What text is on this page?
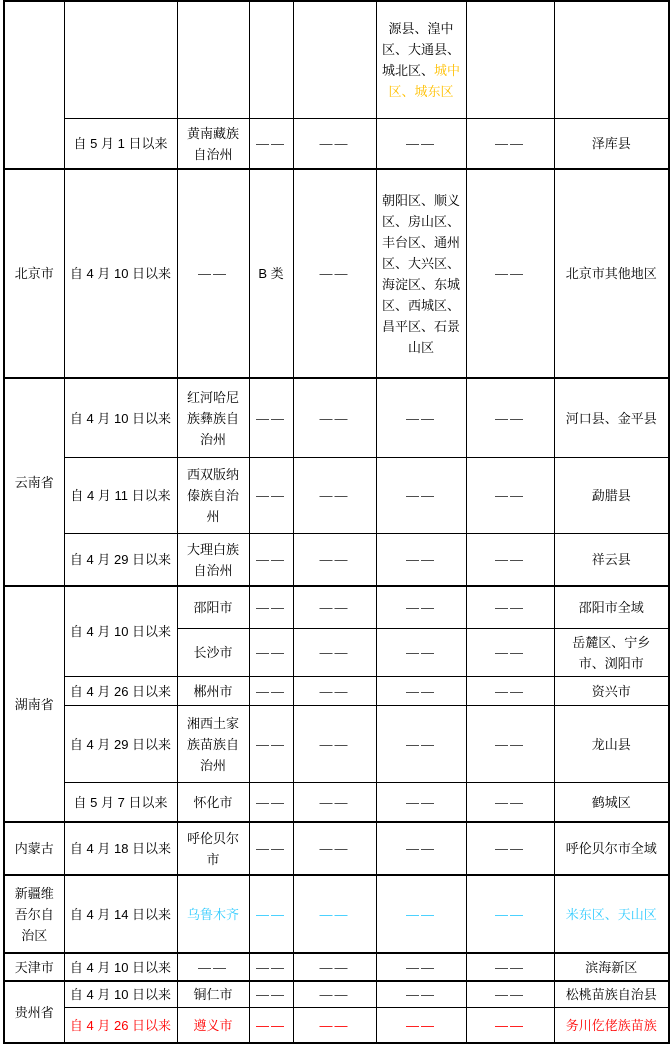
					源县、湟中区、大通县、城北区、城中区、城东区		
	自 5 月 1 日以来	黄南藏族自治州	——	——	——	——	泽库县
北京市	自 4 月 10 日以来	——	B 类	——	朝阳区、顺义区、房山区、丰台区、通州区、大兴区、海淀区、东城区、西城区、昌平区、石景山区	——	北京市其他地区
云南省	自 4 月 10 日以来	红河哈尼族彝族自治州	——	——	——	——	河口县、金平县
	自 4 月 11 日以来	西双版纳傣族自治州	——	——	——	——	勐腊县
	自 4 月 29 日以来	大理白族自治州	——	——	——	——	祥云县
湖南省	自 4 月 10 日以来	邵阳市	——	——	——	——	邵阳市全域
		长沙市	——	——	——	——	岳麓区、宁乡市、浏阳市
	自 4 月 26 日以来	郴州市	——	——	——	——	资兴市
	自 4 月 29 日以来	湘西土家族苗族自治州	——	——	——	——	龙山县
	自 5 月 7 日以来	怀化市	——	——	——	——	鹤城区
内蒙古	自 4 月 18 日以来	呼伦贝尔市	——	——	——	——	呼伦贝尔市全域
新疆维吾尔自治区	自 4 月 14 日以来	乌鲁木齐	——	——	——	——	米东区、天山区
天津市	自 4 月 10 日以来	——	——	——	——	——	滨海新区
贵州省	自 4 月 10 日以来	铜仁市	——	——	——	——	松桃苗族自治县
	自 4 月 26 日以来	遵义市	——	——	——	——	务川仡佬族苗族
